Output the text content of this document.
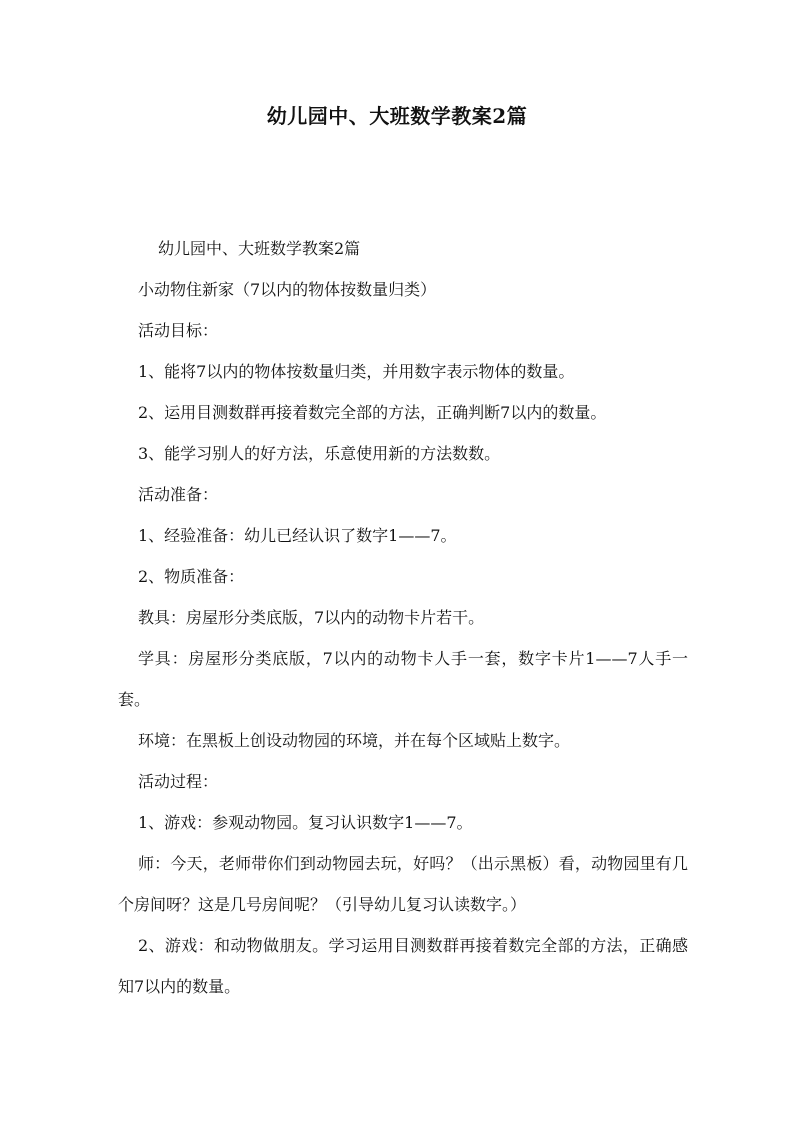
幼儿园中、大班数学教案2篇

幼儿园中、大班数学教案2篇

小动物住新家（7以内的物体按数量归类）

活动目标：

1、能将7以内的物体按数量归类，并用数字表示物体的数量。

2、运用目测数群再接着数完全部的方法，正确判断7以内的数量。

3、能学习别人的好方法，乐意使用新的方法数数。

活动准备：

1、经验准备：幼儿已经认识了数字1——7。

2、物质准备：

教具：房屋形分类底版，7以内的动物卡片若干。

学具：房屋形分类底版，7以内的动物卡人手一套，数字卡片1——7人手一套。

环境：在黑板上创设动物园的环境，并在每个区域贴上数字。

活动过程：

1、游戏：参观动物园。复习认识数字1——7。

师：今天，老师带你们到动物园去玩，好吗？（出示黑板）看，动物园里有几个房间呀？这是几号房间呢？（引导幼儿复习认读数字。）

2、游戏：和动物做朋友。学习运用目测数群再接着数完全部的方法，正确感知7以内的数量。
